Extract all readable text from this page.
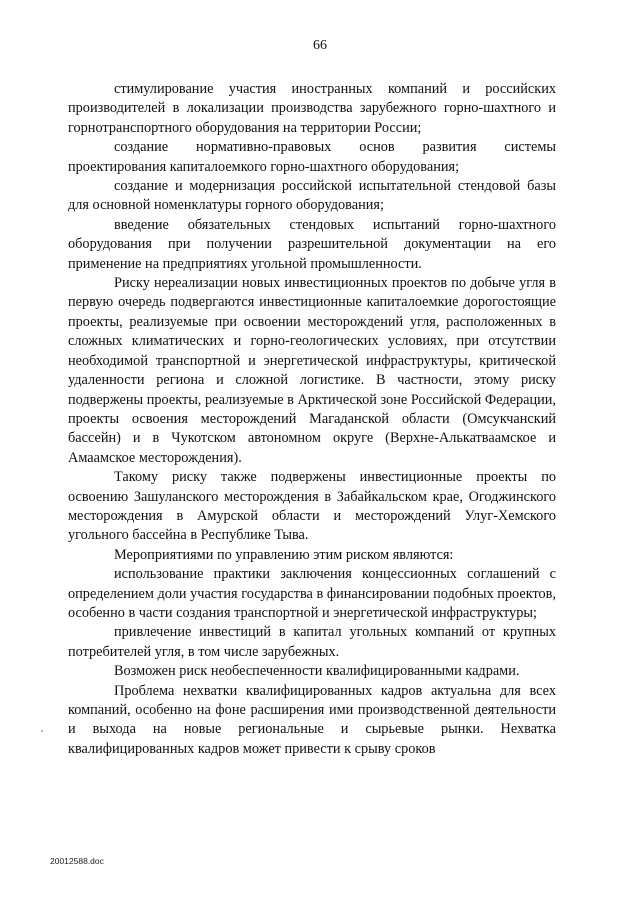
66

стимулирование участия иностранных компаний и российских производителей в локализации производства зарубежного горно-шахтного и горнотранспортного оборудования на территории России;

создание нормативно-правовых основ развития системы проектирования капиталоемкого горно-шахтного оборудования;

создание и модернизация российской испытательной стендовой базы для основной номенклатуры горного оборудования;

введение обязательных стендовых испытаний горно-шахтного оборудования при получении разрешительной документации на его применение на предприятиях угольной промышленности.

Риску нереализации новых инвестиционных проектов по добыче угля в первую очередь подвергаются инвестиционные капиталоемкие дорогостоящие проекты, реализуемые при освоении месторождений угля, расположенных в сложных климатических и горно-геологических условиях, при отсутствии необходимой транспортной и энергетической инфраструктуры, критической удаленности региона и сложной логистике. В частности, этому риску подвержены проекты, реализуемые в Арктической зоне Российской Федерации, проекты освоения месторождений Магаданской области (Омсукчанский бассейн) и в Чукотском автономном округе (Верхне-Алькатваамское и Амаамское месторождения).

Такому риску также подвержены инвестиционные проекты по освоению Зашуланского месторождения в Забайкальском крае, Огоджинского месторождения в Амурской области и месторождений Улуг-Хемского угольного бассейна в Республике Тыва.

Мероприятиями по управлению этим риском являются:

использование практики заключения концессионных соглашений с определением доли участия государства в финансировании подобных проектов, особенно в части создания транспортной и энергетической инфраструктуры;

привлечение инвестиций в капитал угольных компаний от крупных потребителей угля, в том числе зарубежных.

Возможен риск необеспеченности квалифицированными кадрами.

Проблема нехватки квалифицированных кадров актуальна для всех компаний, особенно на фоне расширения ими производственной деятельности и выхода на новые региональные и сырьевые рынки. Нехватка квалифицированных кадров может привести к срыву сроков

20012588.doc
